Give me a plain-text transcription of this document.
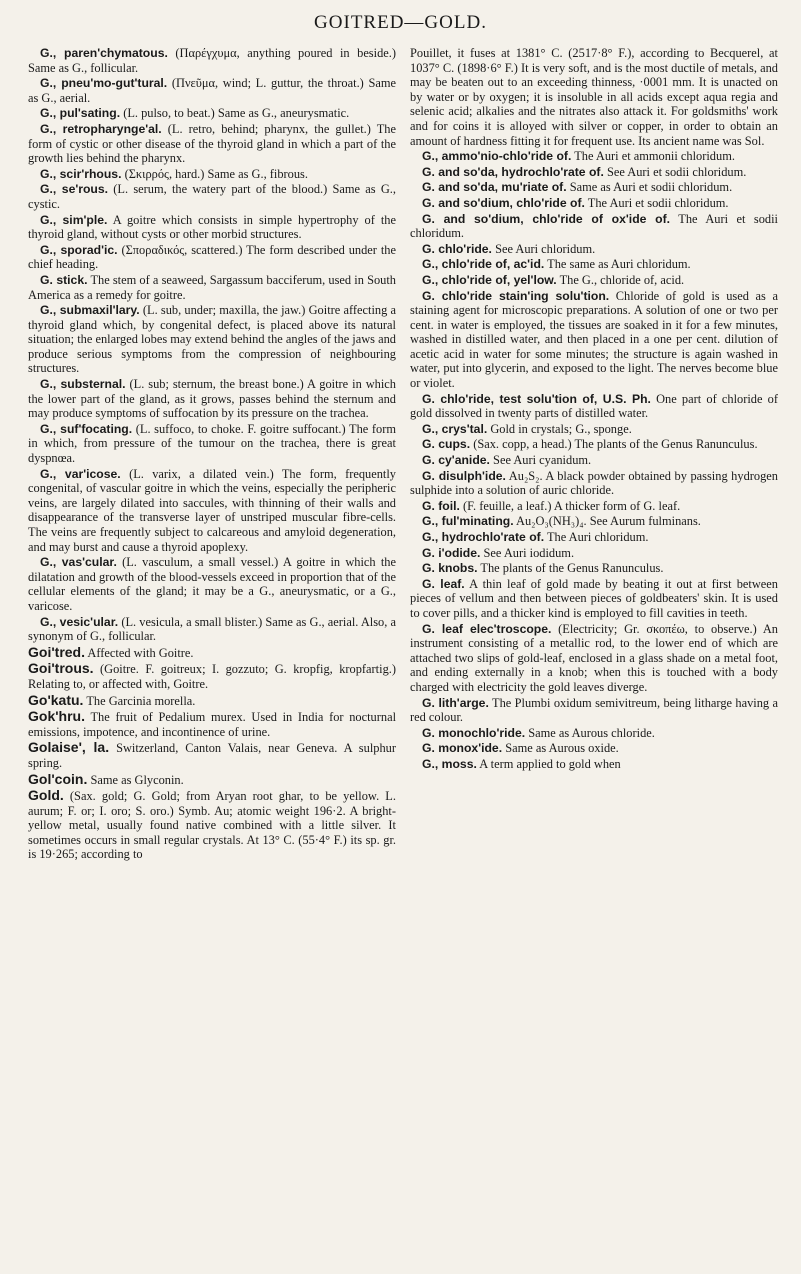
GOITRED—GOLD.

G., paren'chymatous. (Παρέγχυμα, anything poured in beside.) Same as G., follicular.

G., pneu'mo-gut'tural. (Πνεῦμα, wind; L. guttur, the throat.) Same as G., aerial.

G., pul'sating. (L. pulso, to beat.) Same as G., aneurysmatic.

G., retropharynge'al. (L. retro, behind; pharynx, the gullet.) The form of cystic or other disease of the thyroid gland in which a part of the growth lies behind the pharynx.

G., scir'rhous. (Σκιρρός, hard.) Same as G., fibrous.

G., se'rous. (L. serum, the watery part of the blood.) Same as G., cystic.

G., sim'ple. A goitre which consists in simple hypertrophy of the thyroid gland, without cysts or other morbid structures.

G., sporad'ic. (Σποραδικός, scattered.) The form described under the chief heading.

G. stick. The stem of a seaweed, Sargassum bacciferum, used in South America as a remedy for goitre.

G., submaxil'lary. (L. sub, under; maxilla, the jaw.) Goitre affecting a thyroid gland which, by congenital defect, is placed above its natural situation; the enlarged lobes may extend behind the angles of the jaws and produce serious symptoms from the compression of neighbouring structures.

G., substernal. (L. sub; sternum, the breast bone.) A goitre in which the lower part of the gland, as it grows, passes behind the sternum and may produce symptoms of suffocation by its pressure on the trachea.

G., suf'focating. (L. suffoco, to choke. F. goitre suffocant.) The form in which, from pressure of the tumour on the trachea, there is great dyspnœa.

G., var'icose. (L. varix, a dilated vein.) The form, frequently congenital, of vascular goitre in which the veins, especially the peripheric veins, are largely dilated into saccules, with thinning of their walls and disappearance of the transverse layer of unstriped muscular fibre-cells. The veins are frequently subject to calcareous and amyloid degeneration, and may burst and cause a thyroid apoplexy.

G., vas'cular. (L. vasculum, a small vessel.) A goitre in which the dilatation and growth of the blood-vessels exceed in proportion that of the cellular elements of the gland; it may be a G., aneurysmatic, or a G., varicose.

G., vesic'ular. (L. vesicula, a small blister.) Same as G., aerial. Also, a synonym of G., follicular.

Goi'tred. Affected with Goitre.

Goi'trous. (Goitre. F. goitreux; I. gozzuto; G. kropfig, kropfartig.) Relating to, or affected with, Goitre.

Go'katu. The Garcinia morella.

Gok'hru. The fruit of Pedalium murex. Used in India for nocturnal emissions, impotence, and incontinence of urine.

Golaise', la. Switzerland, Canton Valais, near Geneva. A sulphur spring.

Gol'coin. Same as Glyconin.

Gold. (Sax. gold; G. Gold; from Aryan root ghar, to be yellow. L. aurum; F. or; I. oro; S. oro.) Symb. Au; atomic weight 196·2. A bright-yellow metal, usually found native combined with a little silver. It sometimes occurs in small regular crystals. At 13° C. (55·4° F.) its sp. gr. is 19·265; according to

Pouillet, it fuses at 1381° C. (2517·8° F.), according to Becquerel, at 1037° C. (1898·6° F.) It is very soft, and is the most ductile of metals, and may be beaten out to an exceeding thinness, ·0001 mm. It is unacted on by water or by oxygen; it is insoluble in all acids except aqua regia and selenic acid; alkalies and the nitrates also attack it. For goldsmiths' work and for coins it is alloyed with silver or copper, in order to obtain an amount of hardness fitting it for frequent use. Its ancient name was Sol.

G., ammo'nio-chlo'ride of. The Auri et ammonii chloridum.

G. and so'da, hydrochlo'rate of. See Auri et sodii chloridum.

G. and so'da, mu'riate of. Same as Auri et sodii chloridum.

G. and so'dium, chlo'ride of. The Auri et sodii chloridum.

G. and so'dium, chlo'ride of ox'ide of. The Auri et sodii chloridum.

G. chlo'ride. See Auri chloridum.

G., chlo'ride of, ac'id. The same as Auri chloridum.

G., chlo'ride of, yel'low. The G., chloride of, acid.

G. chlo'ride stain'ing solu'tion. Chloride of gold is used as a staining agent for microscopic preparations. A solution of one or two per cent. in water is employed, the tissues are soaked in it for a few minutes, washed in distilled water, and then placed in a one per cent. dilution of acetic acid in water for some minutes; the structure is again washed in water, put into glycerin, and exposed to the light. The nerves become blue or violet.

G. chlo'ride, test solu'tion of, U.S. Ph. One part of chloride of gold dissolved in twenty parts of distilled water.

G., crys'tal. Gold in crystals; G., sponge.

G. cups. (Sax. copp, a head.) The plants of the Genus Ranunculus.

G. cy'anide. See Auri cyanidum.

G. disulph'ide. Au₂S₂. A black powder obtained by passing hydrogen sulphide into a solution of auric chloride.

G. foil. (F. feuille, a leaf.) A thicker form of G. leaf.

G., ful'minating. Au₂O₃(NH₃)₄. See Aurum fulminans.

G., hydrochlo'rate of. The Auri chloridum.

G. i'odide. See Auri iodidum.

G. knobs. The plants of the Genus Ranunculus.

G. leaf. A thin leaf of gold made by beating it out at first between pieces of vellum and then between pieces of goldbeaters' skin. It is used to cover pills, and a thicker kind is employed to fill cavities in teeth.

G. leaf elec'troscope. (Electricity; Gr. σκοπέω, to observe.) An instrument consisting of a metallic rod, to the lower end of which are attached two slips of gold-leaf, enclosed in a glass shade on a metal foot, and ending externally in a knob; when this is touched with a body charged with electricity the gold leaves diverge.

G. lith'arge. The Plumbi oxidum semivitreum, being litharge having a red colour.

G. monochlo'ride. Same as Aurous chloride.

G. monox'ide. Same as Aurous oxide.

G., moss. A term applied to gold when
